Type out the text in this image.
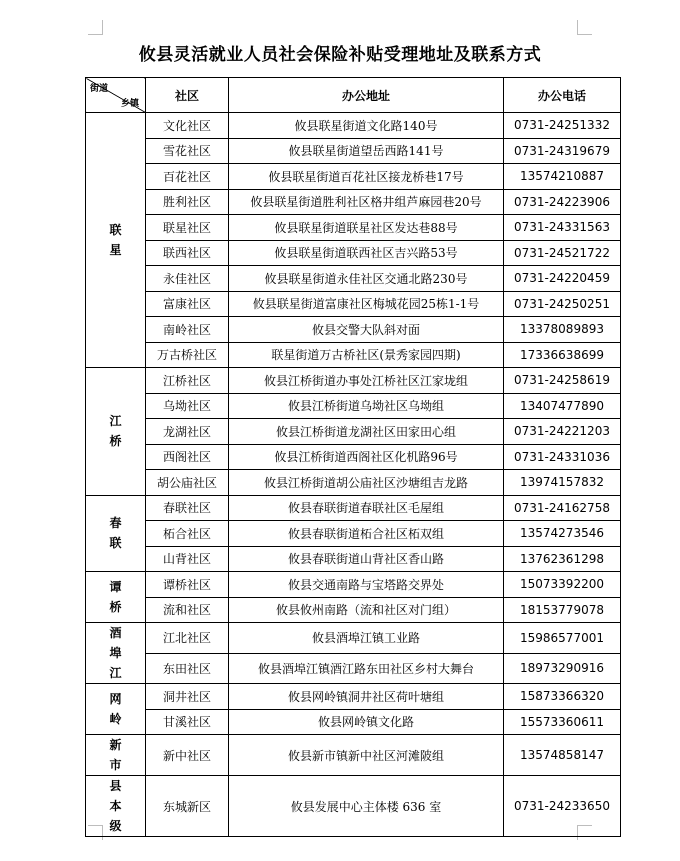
攸县灵活就业人员社会保险补贴受理地址及联系方式
街道
乡镇	社区	办公地址	办公电话
联星	文化社区	攸县联星街道文化路140号	0731-24251332
	雪花社区	攸县联星街道望岳西路141号	0731-24319679
	百花社区	攸县联星街道百花社区接龙桥巷17号	13574210887
	胜利社区	攸县联星街道胜利社区格井组芦麻园巷20号	0731-24223906
	联星社区	攸县联星街道联星社区发达巷88号	0731-24331563
	联西社区	攸县联星街道联西社区吉兴路53号	0731-24521722
	永佳社区	攸县联星街道永佳社区交通北路230号	0731-24220459
	富康社区	攸县联星街道富康社区梅城花园25栋1-1号	0731-24250251
	南岭社区	攸县交警大队斜对面	13378089893
	万古桥社区	联星街道万古桥社区(景秀家园四期)	17336638699
江桥	江桥社区	攸县江桥街道办事处江桥社区江家垅组	0731-24258619
	乌坳社区	攸县江桥街道乌坳社区乌坳组	13407477890
	龙湖社区	攸县江桥街道龙湖社区田家田心组	0731-24221203
	西阁社区	攸县江桥街道西阁社区化机路96号	0731-24331036
	胡公庙社区	攸县江桥街道胡公庙社区沙塘组吉龙路	13974157832
春联	春联社区	攸县春联街道春联社区毛屋组	0731-24162758
	柘合社区	攸县春联街道柘合社区柘双组	13574273546
	山背社区	攸县春联街道山背社区香山路	13762361298
谭桥	谭桥社区	攸县交通南路与宝塔路交界处	15073392200
	流和社区	攸县攸州南路（流和社区对门组）	18153779078
酒埠江	江北社区	攸县酒埠江镇工业路	15986577001
	东田社区	攸县酒埠江镇酒江路东田社区乡村大舞台	18973290916
网岭	洞井社区	攸县网岭镇洞井社区荷叶塘组	15873366320
	甘溪社区	攸县网岭镇文化路	15573360611
新市	新中社区	攸县新市镇新中社区河滩陂组	13574858147
县本级	东城新区	攸县发展中心主体楼 636 室	0731-24233650
